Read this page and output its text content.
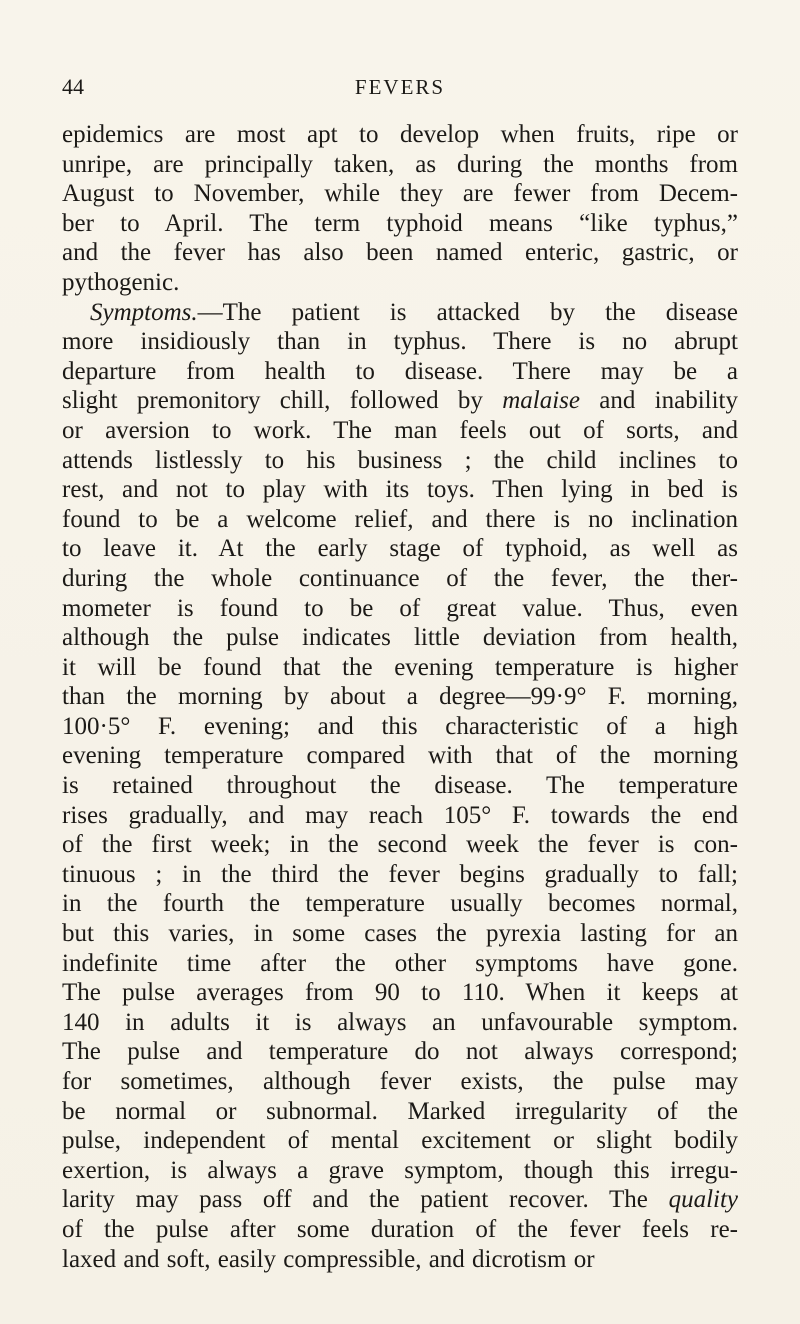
44	FEVERS
epidemics are most apt to develop when fruits, ripe or
unripe, are principally taken, as during the months from
August to November, while they are fewer from Decem-
ber to April. The term typhoid means “like typhus,”
and the fever has also been named enteric, gastric, or
pythogenic.
Symptoms.—The patient is attacked by the disease
more insidiously than in typhus. There is no abrupt
departure from health to disease. There may be a
slight premonitory chill, followed by malaise and inability
or aversion to work. The man feels out of sorts, and
attends listlessly to his business ; the child inclines to
rest, and not to play with its toys. Then lying in bed is
found to be a welcome relief, and there is no inclination
to leave it. At the early stage of typhoid, as well as
during the whole continuance of the fever, the ther-
mometer is found to be of great value. Thus, even
although the pulse indicates little deviation from health,
it will be found that the evening temperature is higher
than the morning by about a degree—99·9° F. morning,
100·5° F. evening; and this characteristic of a high
evening temperature compared with that of the morning
is retained throughout the disease. The temperature
rises gradually, and may reach 105° F. towards the end
of the first week; in the second week the fever is con-
tinuous ; in the third the fever begins gradually to fall;
in the fourth the temperature usually becomes normal,
but this varies, in some cases the pyrexia lasting for an
indefinite time after the other symptoms have gone.
The pulse averages from 90 to 110. When it keeps at
140 in adults it is always an unfavourable symptom.
The pulse and temperature do not always correspond;
for sometimes, although fever exists, the pulse may
be normal or subnormal. Marked irregularity of the
pulse, independent of mental excitement or slight bodily
exertion, is always a grave symptom, though this irregu-
larity may pass off and the patient recover. The quality
of the pulse after some duration of the fever feels re-
laxed and soft, easily compressible, and dicrotism or
